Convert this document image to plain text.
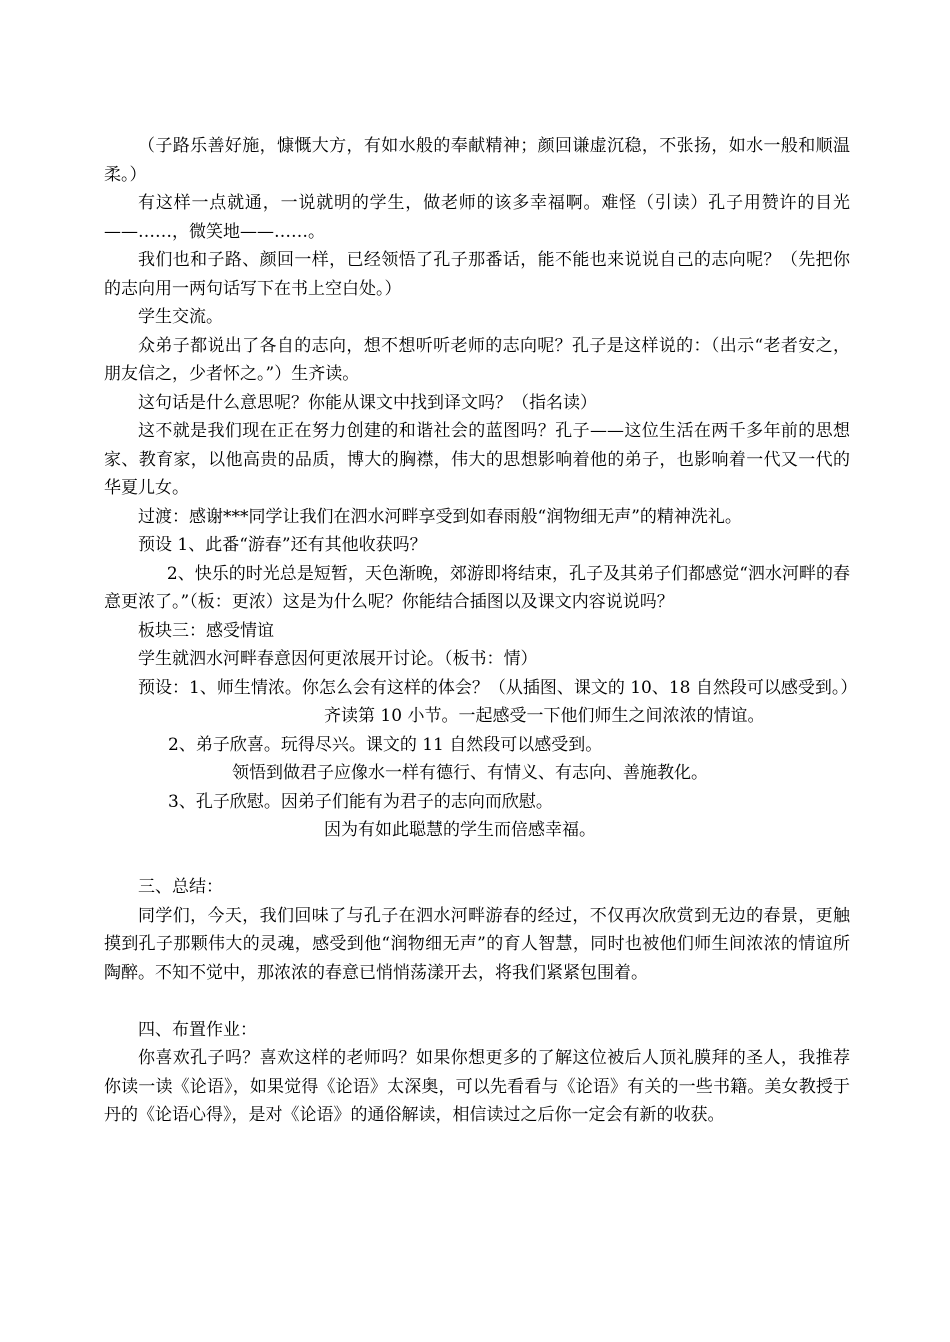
（子路乐善好施，慷慨大方，有如水般的奉献精神；颜回谦虚沉稳，不张扬，如水一般和顺温柔。）

有这样一点就通，一说就明的学生，做老师的该多幸福啊。难怪（引读）孔子用赞许的目光——……，微笑地——……。

我们也和子路、颜回一样，已经领悟了孔子那番话，能不能也来说说自己的志向呢？（先把你的志向用一两句话写下在书上空白处。）

学生交流。

众弟子都说出了各自的志向，想不想听听老师的志向呢？孔子是这样说的：（出示“老者安之，朋友信之，少者怀之。”）生齐读。

这句话是什么意思呢？你能从课文中找到译文吗？（指名读）

这不就是我们现在正在努力创建的和谐社会的蓝图吗？孔子——这位生活在两千多年前的思想家、教育家，以他高贵的品质，博大的胸襟，伟大的思想影响着他的弟子，也影响着一代又一代的华夏儿女。

过渡：感谢***同学让我们在泗水河畔享受到如春雨般“润物细无声”的精神洗礼。

预设 1、此番“游春”还有其他收获吗？

2、快乐的时光总是短暂，天色渐晚，郊游即将结束，孔子及其弟子们都感觉“泗水河畔的春意更浓了。”（板：更浓）这是为什么呢？你能结合插图以及课文内容说说吗？

板块三：感受情谊

学生就泗水河畔春意因何更浓展开讨论。（板书：情）

预设：1、师生情浓。你怎么会有这样的体会？（从插图、课文的 10、18 自然段可以感受到。）

齐读第 10 小节。一起感受一下他们师生之间浓浓的情谊。

2、弟子欣喜。玩得尽兴。课文的 11 自然段可以感受到。

领悟到做君子应像水一样有德行、有情义、有志向、善施教化。

3、孔子欣慰。因弟子们能有为君子的志向而欣慰。

因为有如此聪慧的学生而倍感幸福。

三、总结：

同学们，今天，我们回味了与孔子在泗水河畔游春的经过，不仅再次欣赏到无边的春景，更触摸到孔子那颗伟大的灵魂，感受到他“润物细无声”的育人智慧，同时也被他们师生间浓浓的情谊所陶醉。不知不觉中，那浓浓的春意已悄悄荡漾开去，将我们紧紧包围着。

四、布置作业：

你喜欢孔子吗？喜欢这样的老师吗？如果你想更多的了解这位被后人顶礼膜拜的圣人，我推荐你读一读《论语》，如果觉得《论语》太深奥，可以先看看与《论语》有关的一些书籍。美女教授于丹的《论语心得》，是对《论语》的通俗解读，相信读过之后你一定会有新的收获。
